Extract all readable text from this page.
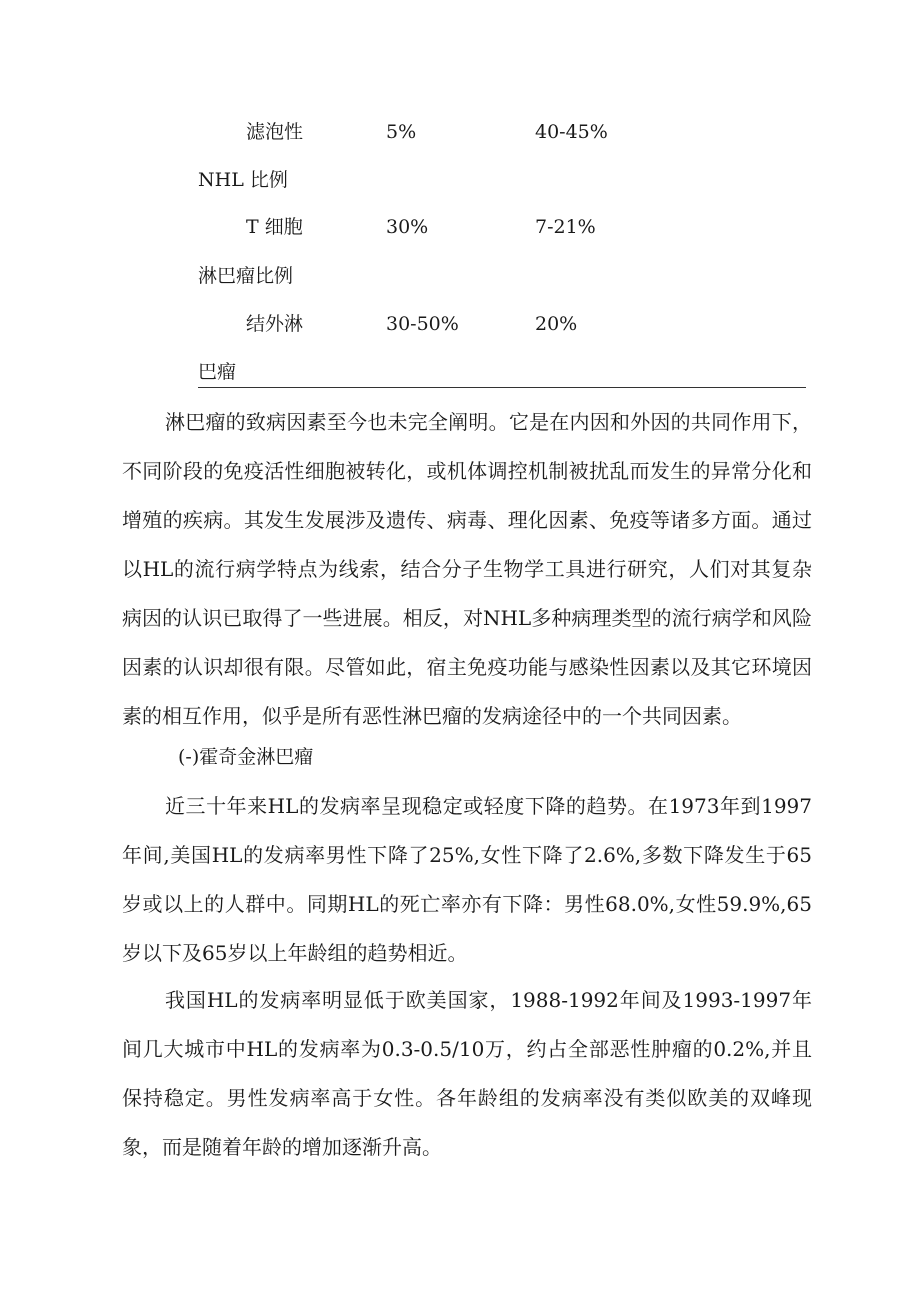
滤泡性	5%	40-45%
NHL 比例
T 细胞	30%	7-21%
淋巴瘤比例
结外淋	30-50%	20%
巴瘤

淋巴瘤的致病因素至今也未完全阐明。它是在内因和外因的共同作用下，不同阶段的免疫活性细胞被转化，或机体调控机制被扰乱而发生的异常分化和增殖的疾病。其发生发展涉及遗传、病毒、理化因素、免疫等诸多方面。通过以HL的流行病学特点为线索，结合分子生物学工具进行研究，人们对其复杂病因的认识已取得了一些进展。相反，对NHL多种病理类型的流行病学和风险因素的认识却很有限。尽管如此，宿主免疫功能与感染性因素以及其它环境因素的相互作用，似乎是所有恶性淋巴瘤的发病途径中的一个共同因素。

(-)霍奇金淋巴瘤

近三十年来HL的发病率呈现稳定或轻度下降的趋势。在1973年到1997年间,美国HL的发病率男性下降了25%,女性下降了2.6%,多数下降发生于65岁或以上的人群中。同期HL的死亡率亦有下降：男性68.0%,女性59.9%,65岁以下及65岁以上年龄组的趋势相近。

我国HL的发病率明显低于欧美国家，1988-1992年间及1993-1997年间几大城市中HL的发病率为0.3-0.5/10万，约占全部恶性肿瘤的0.2%,并且保持稳定。男性发病率高于女性。各年龄组的发病率没有类似欧美的双峰现象，而是随着年龄的增加逐渐升高。
